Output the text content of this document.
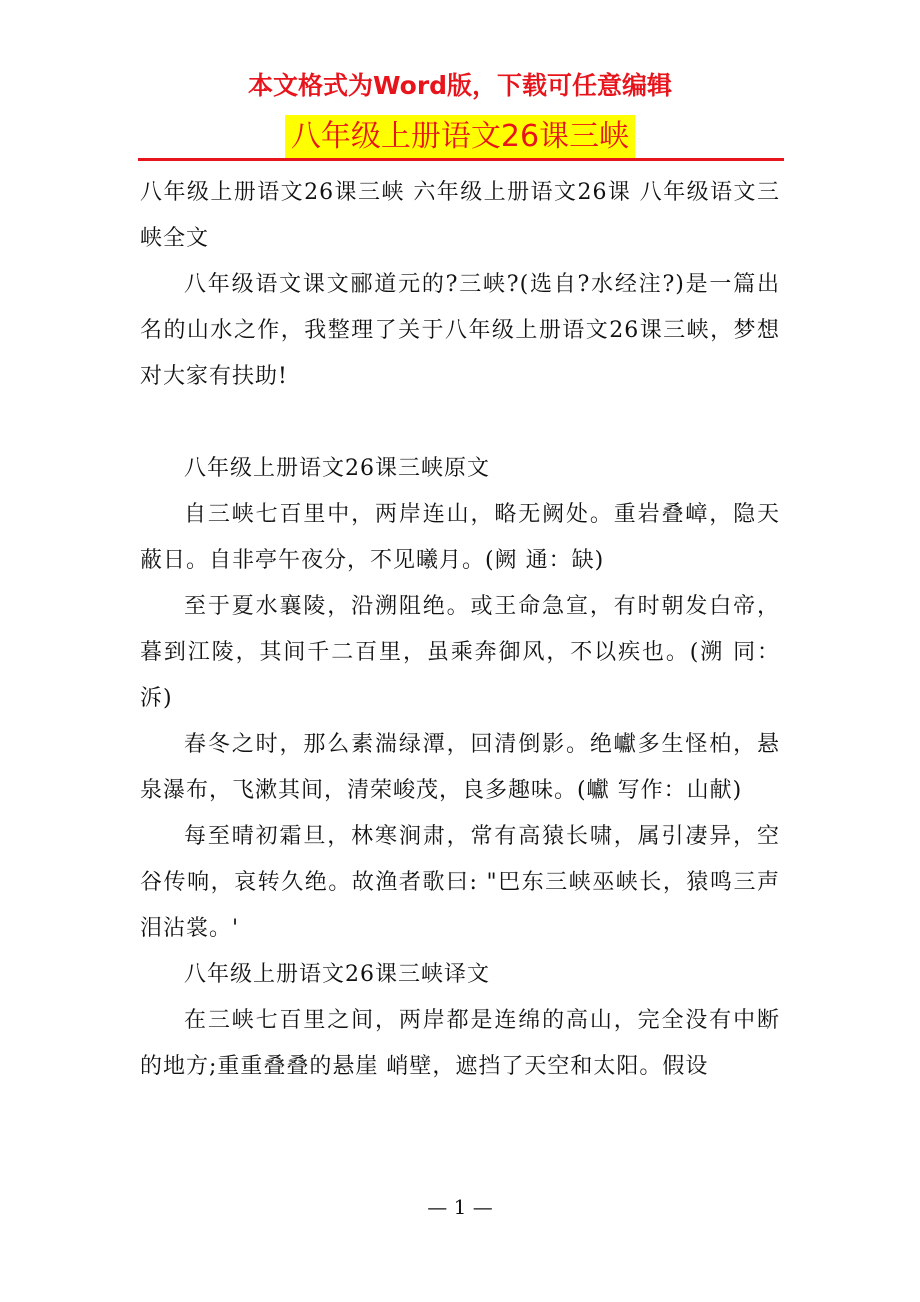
本文格式为Word版，下载可任意编辑
八年级上册语文26课三峡

八年级上册语文26课三峡 六年级上册语文26课 八年级语文三峡全文

八年级语文课文郦道元的?三峡?(选自?水经注?)是一篇出名的山水之作，我整理了关于八年级上册语文26课三峡，梦想对大家有扶助!

八年级上册语文26课三峡原文

自三峡七百里中，两岸连山，略无阙处。重岩叠嶂，隐天蔽日。自非亭午夜分，不见曦月。(阙 通：缺)

至于夏水襄陵，沿溯阻绝。或王命急宣，有时朝发白帝，暮到江陵，其间千二百里，虽乘奔御风，不以疾也。(溯 同：泝)

春冬之时，那么素湍绿潭，回清倒影。绝巘多生怪柏，悬泉瀑布，飞漱其间，清荣峻茂，良多趣味。(巘 写作：山献)

每至晴初霜旦，林寒涧肃，常有高猿长啸，属引凄异，空谷传响，哀转久绝。故渔者歌曰: "巴东三峡巫峡长，猿鸣三声泪沾裳。'

八年级上册语文26课三峡译文

在三峡七百里之间，两岸都是连绵的高山，完全没有中断的地方;重重叠叠的悬崖 峭壁，遮挡了天空和太阳。假设

— 1 —
